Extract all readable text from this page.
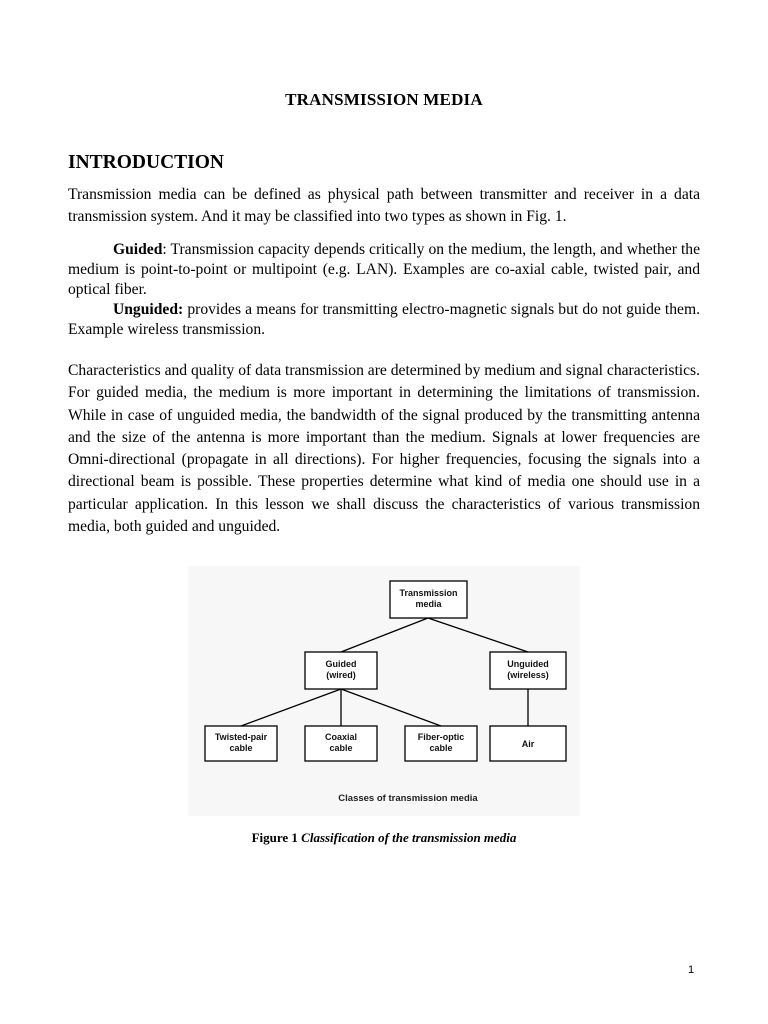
TRANSMISSION MEDIA
INTRODUCTION

Transmission media can be defined as physical path between transmitter and receiver in a data transmission system. And it may be classified into two types as shown in Fig. 1.

Guided: Transmission capacity depends critically on the medium, the length, and whether the medium is point-to-point or multipoint (e.g. LAN). Examples are co-axial cable, twisted pair, and optical fiber.

Unguided: provides a means for transmitting electro-magnetic signals but do not guide them. Example wireless transmission.

Characteristics and quality of data transmission are determined by medium and signal characteristics. For guided media, the medium is more important in determining the limitations of transmission. While in case of unguided media, the bandwidth of the signal produced by the transmitting antenna and the size of the antenna is more important than the medium. Signals at lower frequencies are Omni-directional (propagate in all directions). For higher frequencies, focusing the signals into a directional beam is possible. These properties determine what kind of media one should use in a particular application. In this lesson we shall discuss the characteristics of various transmission media, both guided and unguided.

Transmission
media
Guided
(wired)
Unguided
(wireless)
Twisted-pair
cable
Coaxial
cable
Fiber-optic
cable	Air
Classes of transmission media
Figure 1 Classification of the transmission media
1
